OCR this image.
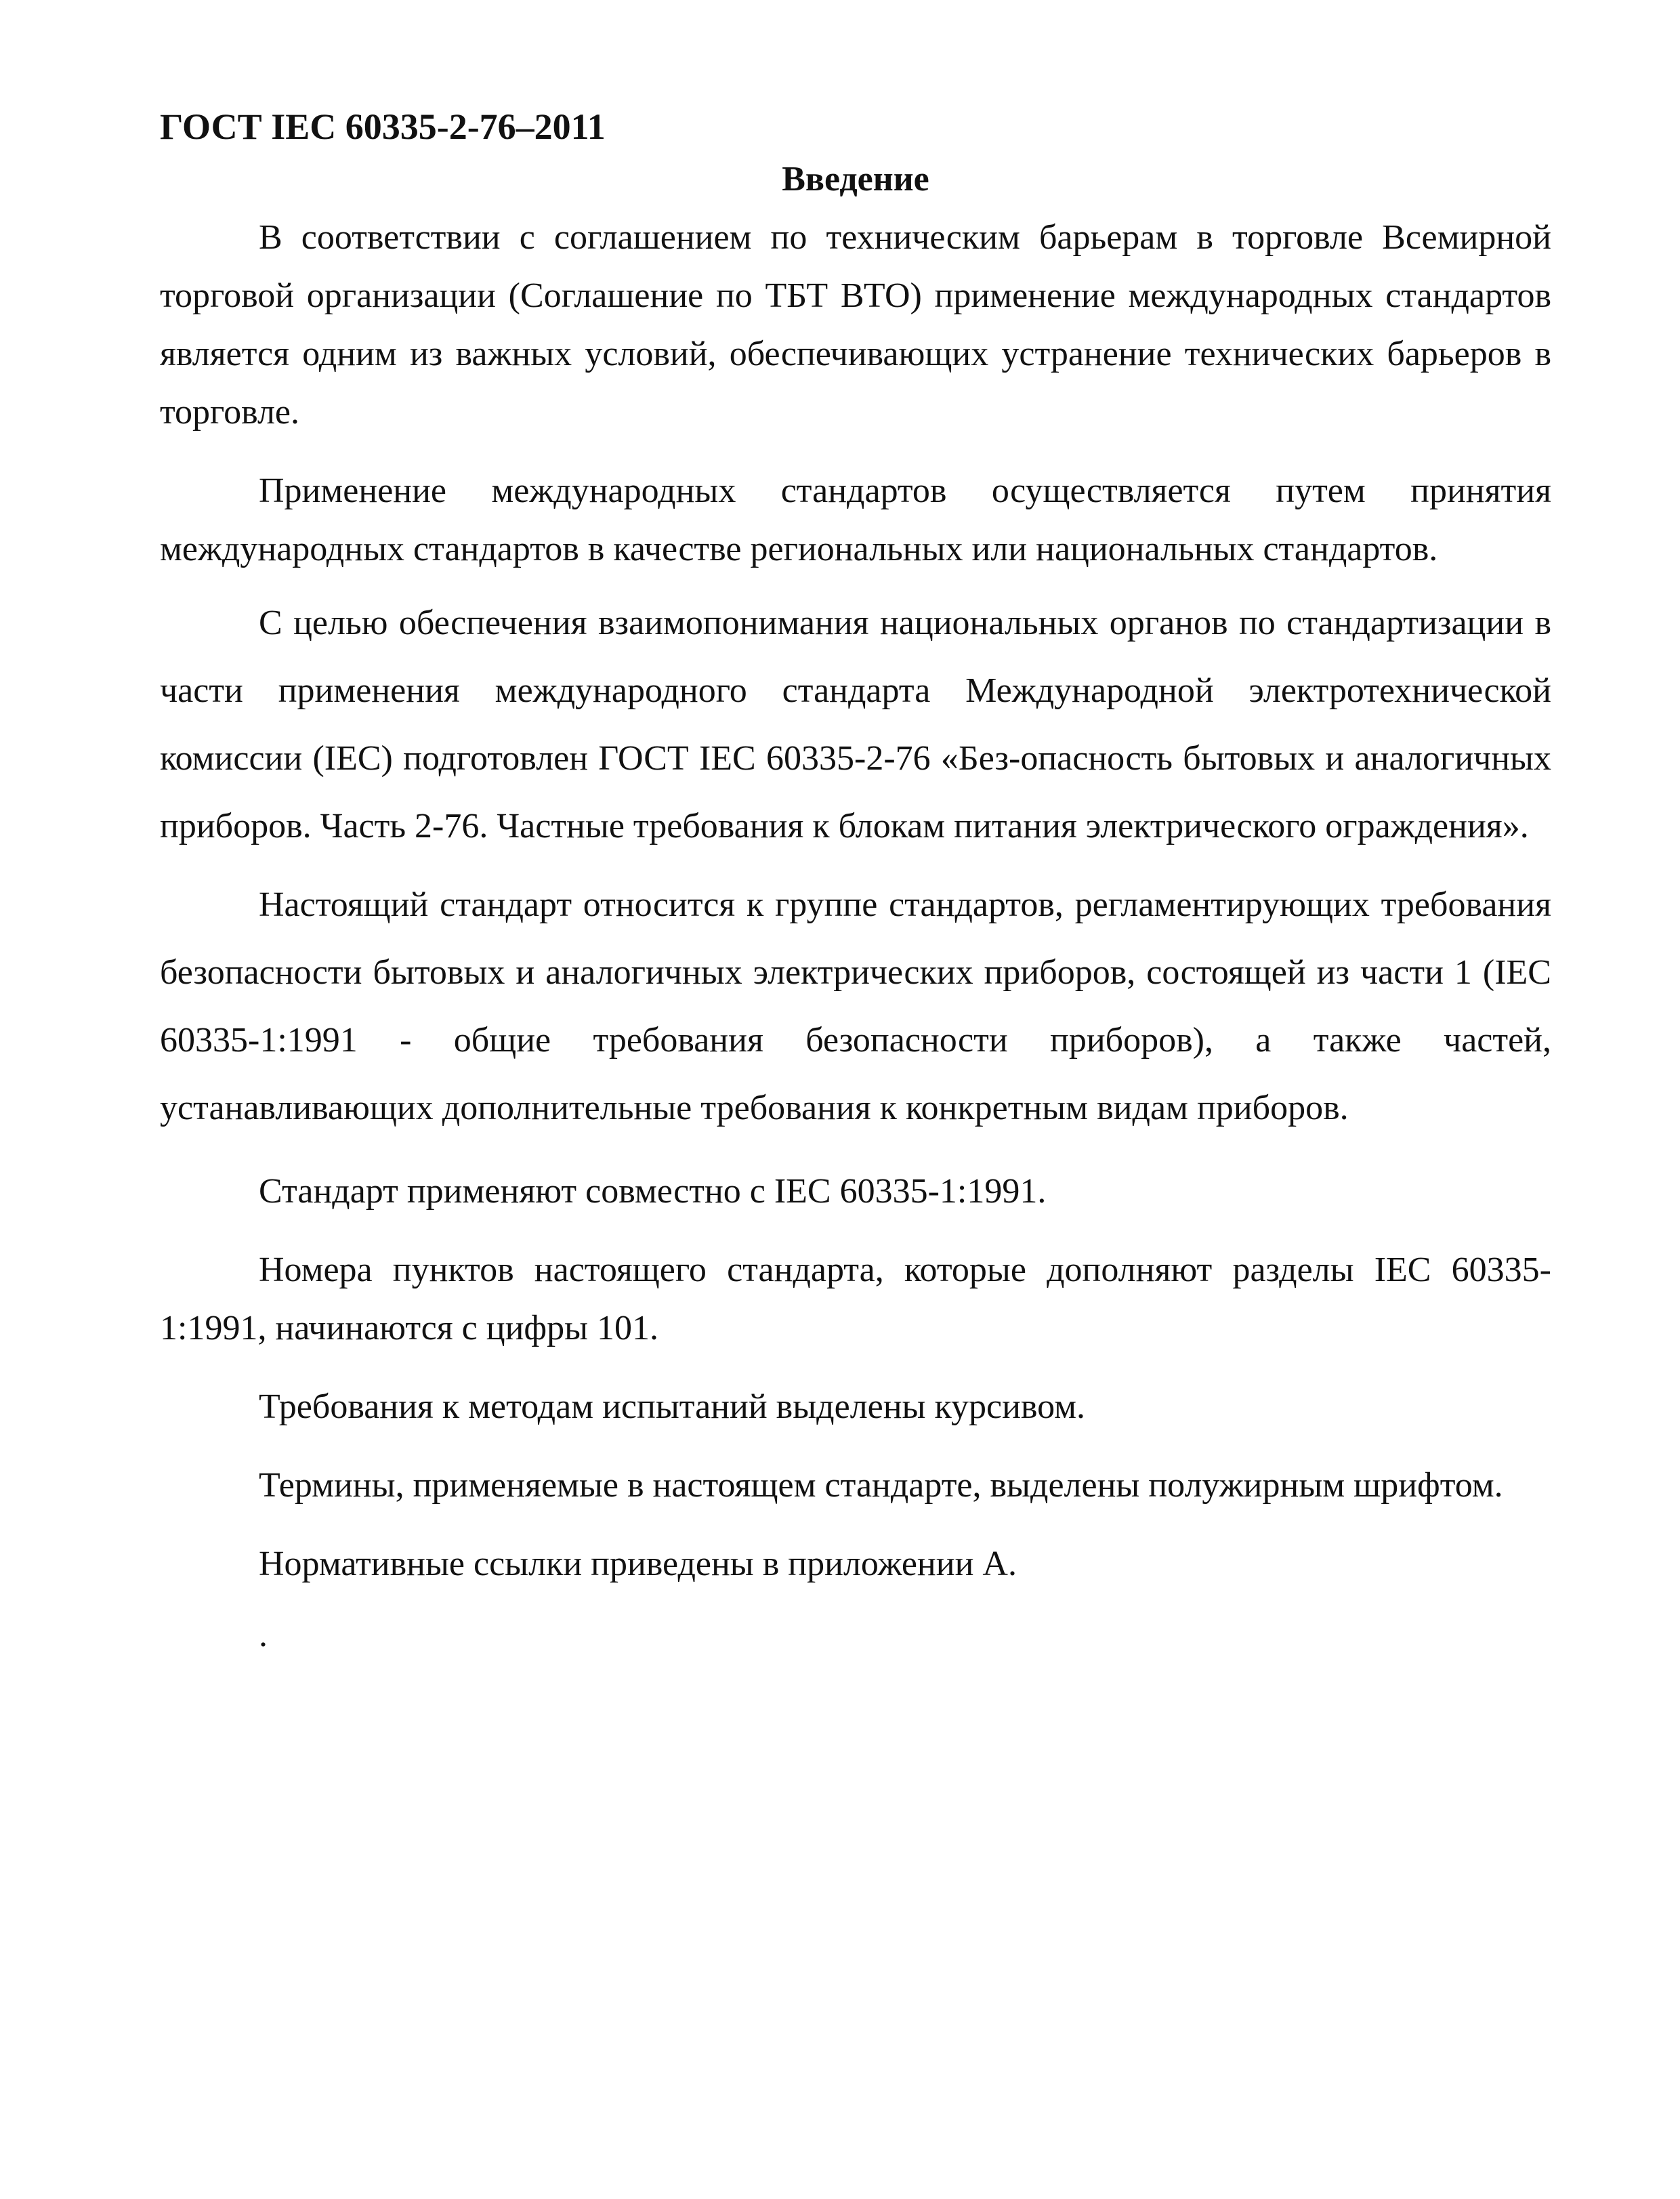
ГОСТ IEC 60335-2-76–2011
Введение

В соответствии с соглашением по техническим барьерам в торговле Всемирной торговой организации (Соглашение по ТБТ ВТО) применение международных стандартов является одним из важных условий, обеспечивающих устранение технических барьеров в торговле.

Применение международных стандартов осуществляется путем принятия международных стандартов в качестве региональных или национальных стандартов.

С целью обеспечения взаимопонимания национальных органов по стандартизации в части применения международного стандарта Международной электротехнической комиссии (IEC) подготовлен ГОСТ IEC 60335-2-76 «Без-опасность бытовых и аналогичных приборов. Часть 2-76. Частные требования к блокам питания электрического ограждения».

Настоящий стандарт относится к группе стандартов, регламентирующих требования безопасности бытовых и аналогичных электрических приборов, состоящей из части 1 (IEC 60335-1:1991 - общие требования безопасности приборов), а также частей, устанавливающих дополнительные требования к конкретным видам приборов.

Стандарт применяют совместно с IEC 60335-1:1991.

Номера пунктов настоящего стандарта, которые дополняют разделы IEC 60335-1:1991, начинаются с цифры 101.

Требования к методам испытаний выделены курсивом.

Термины, применяемые в настоящем стандарте, выделены полужирным шрифтом.

Нормативные ссылки приведены в приложении А.

.
